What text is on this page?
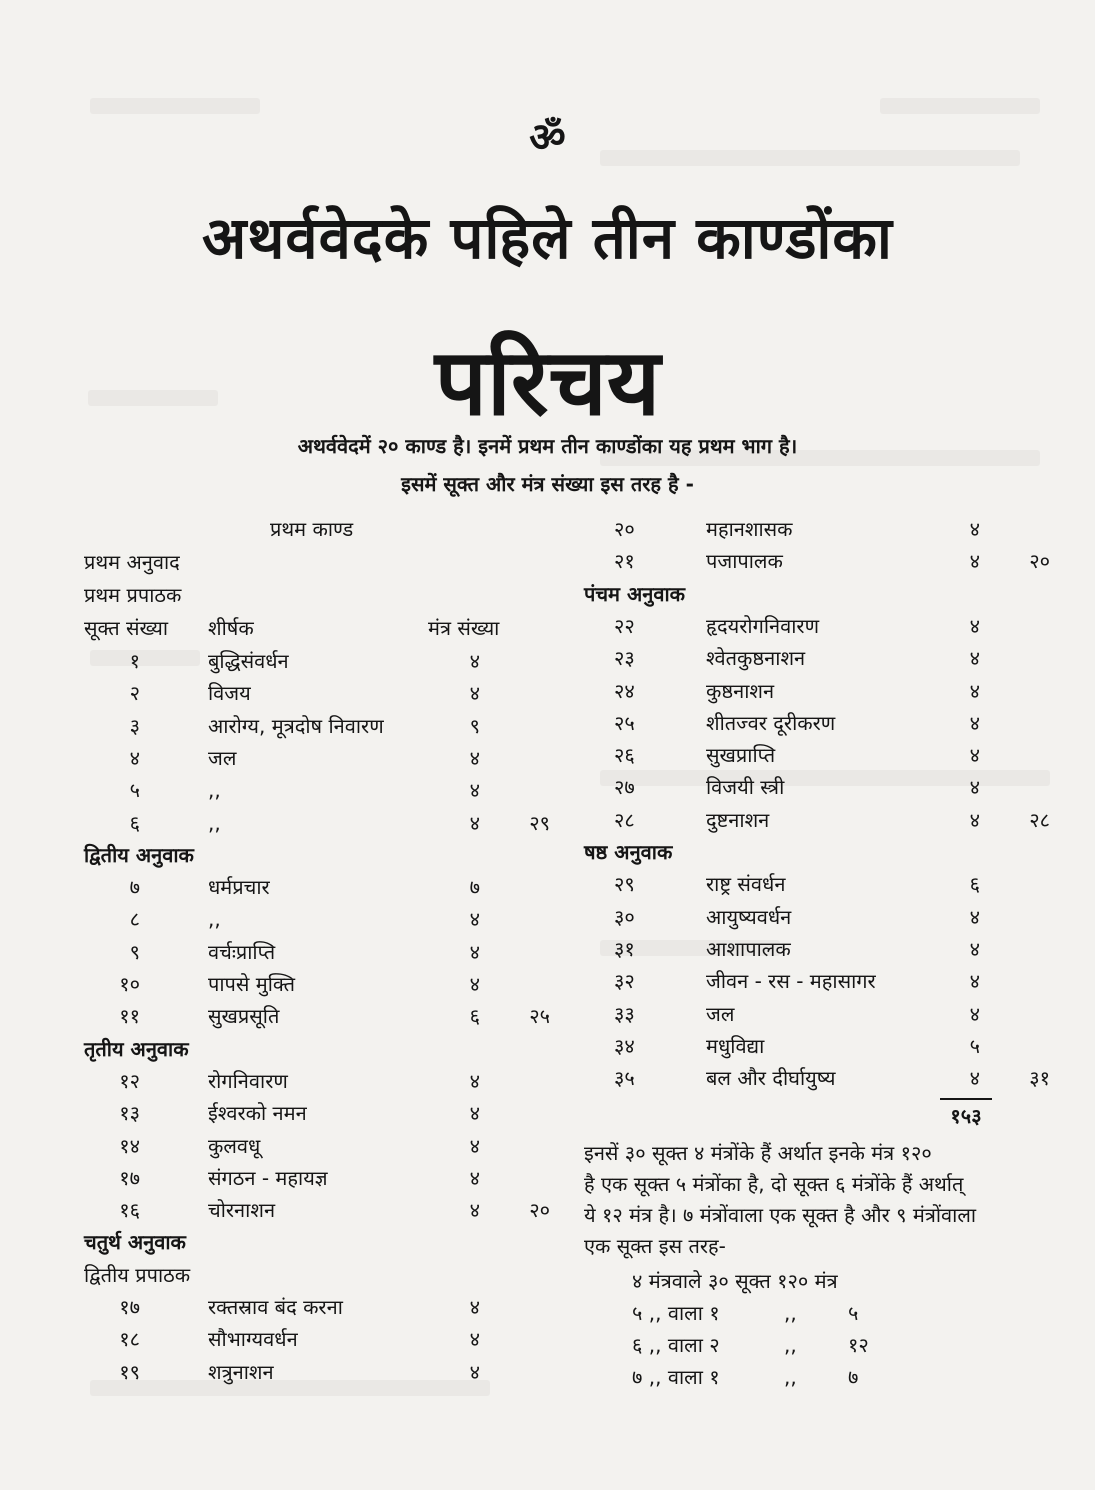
ॐ
अथर्ववेदके पहिले तीन काण्डोंका
परिचय
अथर्ववेदमें २० काण्ड है। इनमें प्रथम तीन काण्डोंका यह प्रथम भाग है।
इसमें सूक्त और मंत्र संख्या इस तरह है -
प्रथम काण्ड
प्रथम अनुवाद
प्रथम प्रपाठक
सूक्त संख्या शीर्षक	मंत्र संख्या
१	बुद्धिसंवर्धन	४
२	विजय	४
३	आरोग्य, मूत्रदोष निवारण	९
४	जल	४
५	,,	४
६	,,	४	२९
द्वितीय अनुवाक
७	धर्मप्रचार	७
८	,,	४
९	वर्चःप्राप्ति	४
१०	पापसे मुक्ति	४
११	सुखप्रसूति	६	२५
तृतीय अनुवाक
१२	रोगनिवारण	४
१३	ईश्वरको नमन	४
१४	कुलवधू	४
१७	संगठन - महायज्ञ	४
१६	चोरनाशन	४	२०
चतुर्थ अनुवाक
द्वितीय प्रपाठक
१७	रक्तस्राव बंद करना	४
१८	सौभाग्यवर्धन	४
१९	शत्रुनाशन	४
२०	महानशासक	४
२१	पजापालक	४	२०
पंचम अनुवाक
२२	हृदयरोगनिवारण	४
२३	श्वेतकुष्ठनाशन	४
२४	कुष्ठनाशन	४
२५	शीतज्वर दूरीकरण	४
२६	सुखप्राप्ति	४
२७	विजयी स्त्री	४
२८	दुष्टनाशन	४	२८
षष्ठ अनुवाक
२९	राष्ट्र संवर्धन	६
३०	आयुष्यवर्धन	४
३१	आशापालक	४
३२	जीवन - रस - महासागर	४
३३	जल	४
३४	मधुविद्या	५
३५	बल और दीर्घायुष्य	४	३१
१५३
इनसें ३० सूक्त ४ मंत्रोंके हैं अर्थात इनके मंत्र १२०
है एक सूक्त ५ मंत्रोंका है, दो सूक्त ६ मंत्रोंके हैं अर्थात्
ये १२ मंत्र है। ७ मंत्रोंवाला एक सूक्त है और ९ मंत्रोंवाला
एक सूक्त इस तरह-
४ मंत्रवाले ३० सूक्त १२० मंत्र
५ ,, वाला १	,,	५
६ ,, वाला २	,,	१२
७ ,, वाला १	,,	७
